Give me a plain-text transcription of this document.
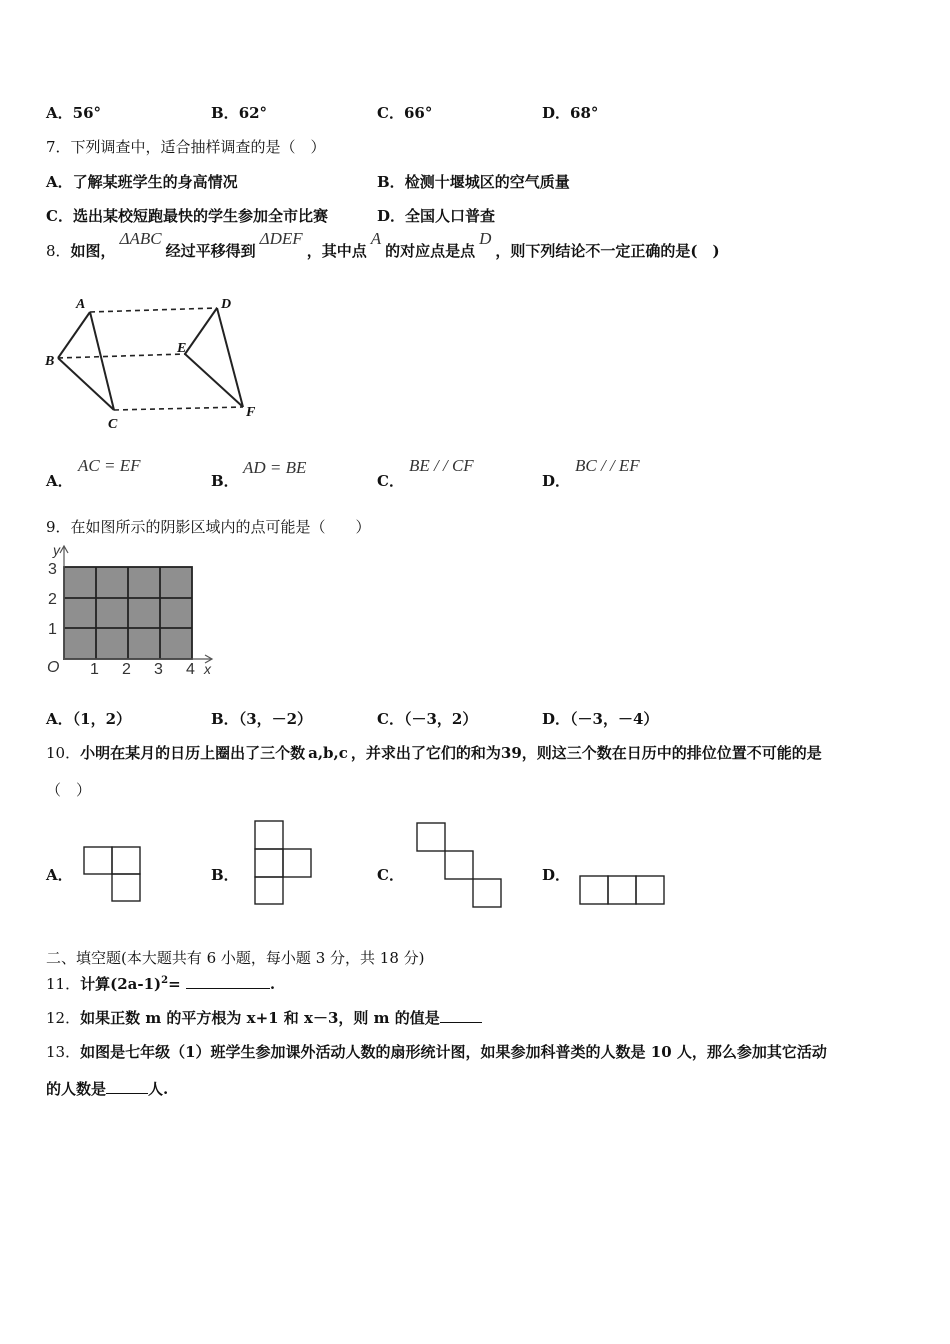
A．56°	B．62°	C．66°	D．68°
7．下列调查中，适合抽样调查的是（　）
A．了解某班学生的身高情况	B．检测十堰城区的空气质量
C．选出某校短跑最快的学生参加全市比赛	D．全国人口普查
8．如图，ΔABC经过平移得到ΔDEF，其中点A的对应点是点D，则下列结论不一定正确的是(　)
A
B
C
D
E
F
A．
AC = EF
B．
AD = BE
C．
BE / / CF
D．
BC / / EF
9．在如图所示的阴影区域内的点可能是（　　）
y
O	x
1 2 3 4
1
2
3
A．（1，2）	B．（3，－2）	C．（－3，2）	D．（－3，－4）
10．小明在某月的日历上圈出了三个数 a,b,c ，并求出了它们的和为39，则这三个数在日历中的排位位置不可能的是
（　）
A．	B．	C．	D．
二、填空题(本大题共有 6 小题，每小题 3 分，共 18 分)
11．计算$(2a-1)^2=$	.
12．如果正数 m 的平方根为 x+1 和 x－3，则 m 的值是
13．如图是七年级（1）班学生参加课外活动人数的扇形统计图，如果参加科普类的人数是 10 人，那么参加其它活动
的人数是	人.
